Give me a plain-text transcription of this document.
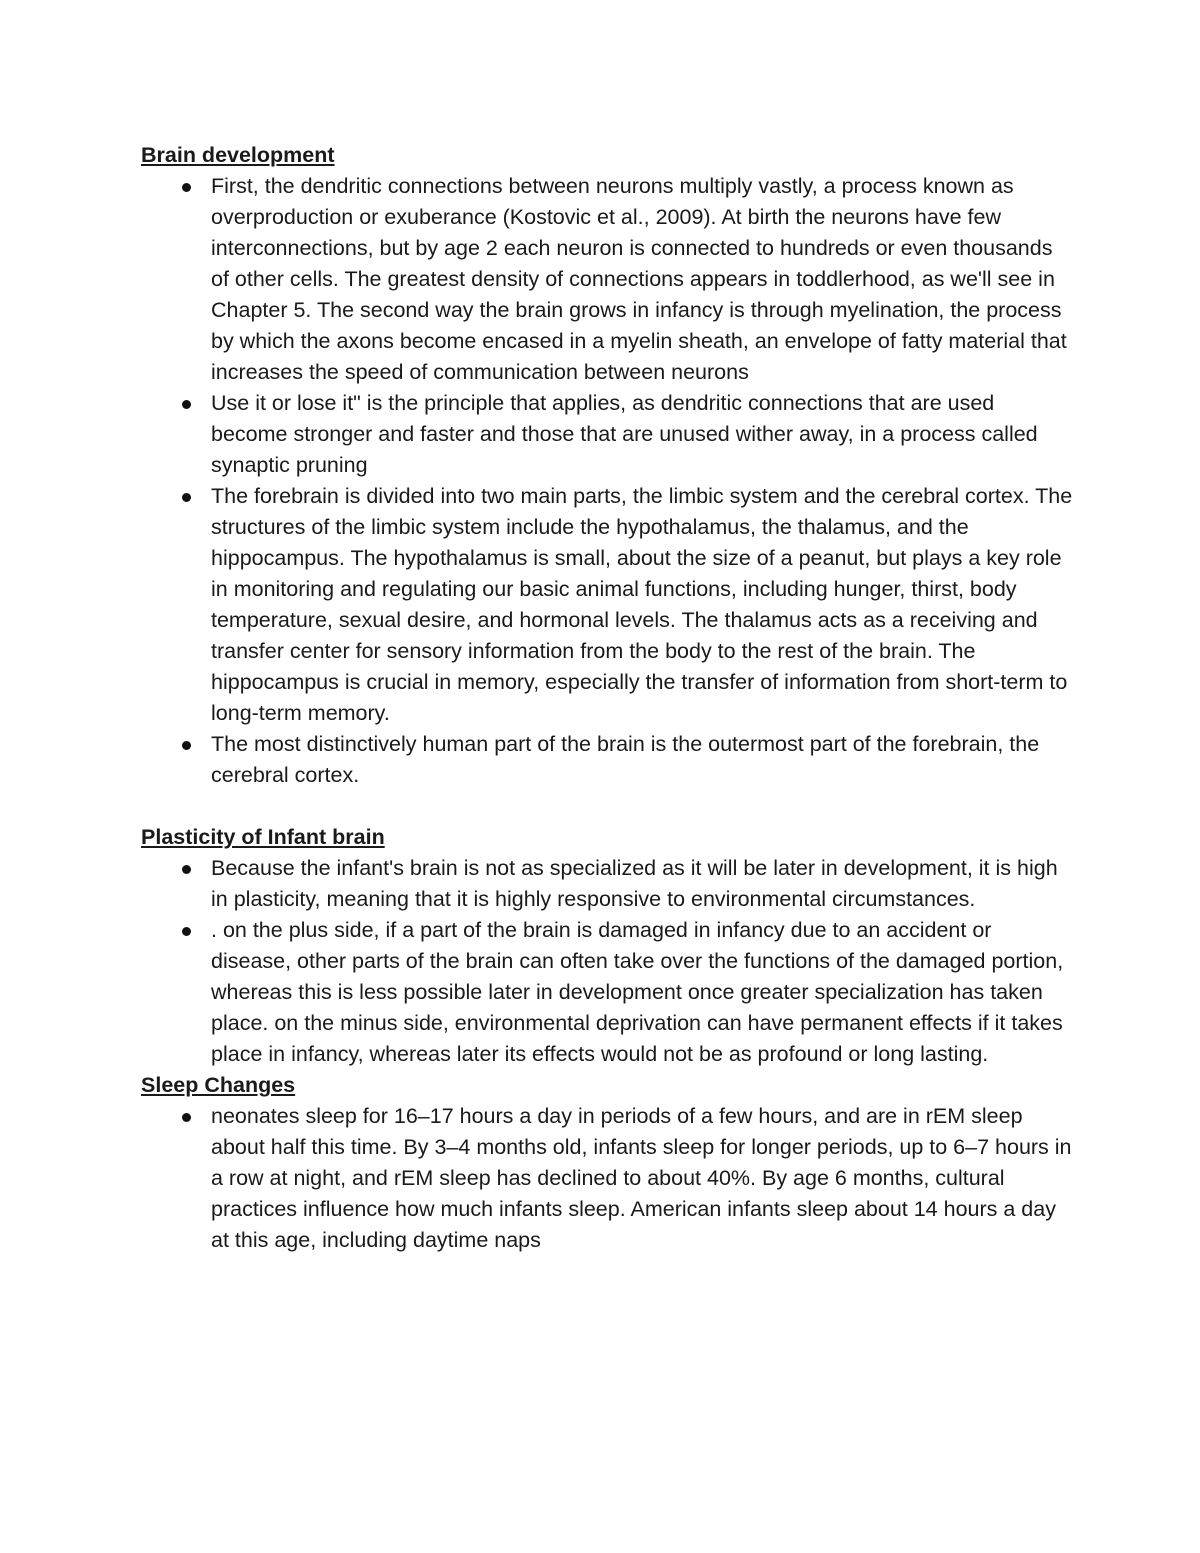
Brain development
First, the dendritic connections between neurons multiply vastly, a process known as overproduction or exuberance (Kostovic et al., 2009). At birth the neurons have few interconnections, but by age 2 each neuron is connected to hundreds or even thousands of other cells. The greatest density of connections appears in toddlerhood, as we'll see in Chapter 5. The second way the brain grows in infancy is through myelination, the process by which the axons become encased in a myelin sheath, an envelope of fatty material that increases the speed of communication between neurons
Use it or lose it" is the principle that applies, as dendritic connections that are used become stronger and faster and those that are unused wither away, in a process called synaptic pruning
The forebrain is divided into two main parts, the limbic system and the cerebral cortex. The structures of the limbic system include the hypothalamus, the thalamus, and the hippocampus. The hypothalamus is small, about the size of a peanut, but plays a key role in monitoring and regulating our basic animal functions, including hunger, thirst, body temperature, sexual desire, and hormonal levels. The thalamus acts as a receiving and transfer center for sensory information from the body to the rest of the brain. The hippocampus is crucial in memory, especially the transfer of information from short-term to long-term memory.
The most distinctively human part of the brain is the outermost part of the forebrain, the cerebral cortex.
Plasticity of Infant brain
Because the infant's brain is not as specialized as it will be later in development, it is high in plasticity, meaning that it is highly responsive to environmental circumstances.
. on the plus side, if a part of the brain is damaged in infancy due to an accident or disease, other parts of the brain can often take over the functions of the damaged portion, whereas this is less possible later in development once greater specialization has taken place. on the minus side, environmental deprivation can have permanent effects if it takes place in infancy, whereas later its effects would not be as profound or long lasting.
Sleep Changes
neonates sleep for 16–17 hours a day in periods of a few hours, and are in rEM sleep about half this time. By 3–4 months old, infants sleep for longer periods, up to 6–7 hours in a row at night, and rEM sleep has declined to about 40%. By age 6 months, cultural practices influence how much infants sleep. American infants sleep about 14 hours a day at this age, including daytime naps
